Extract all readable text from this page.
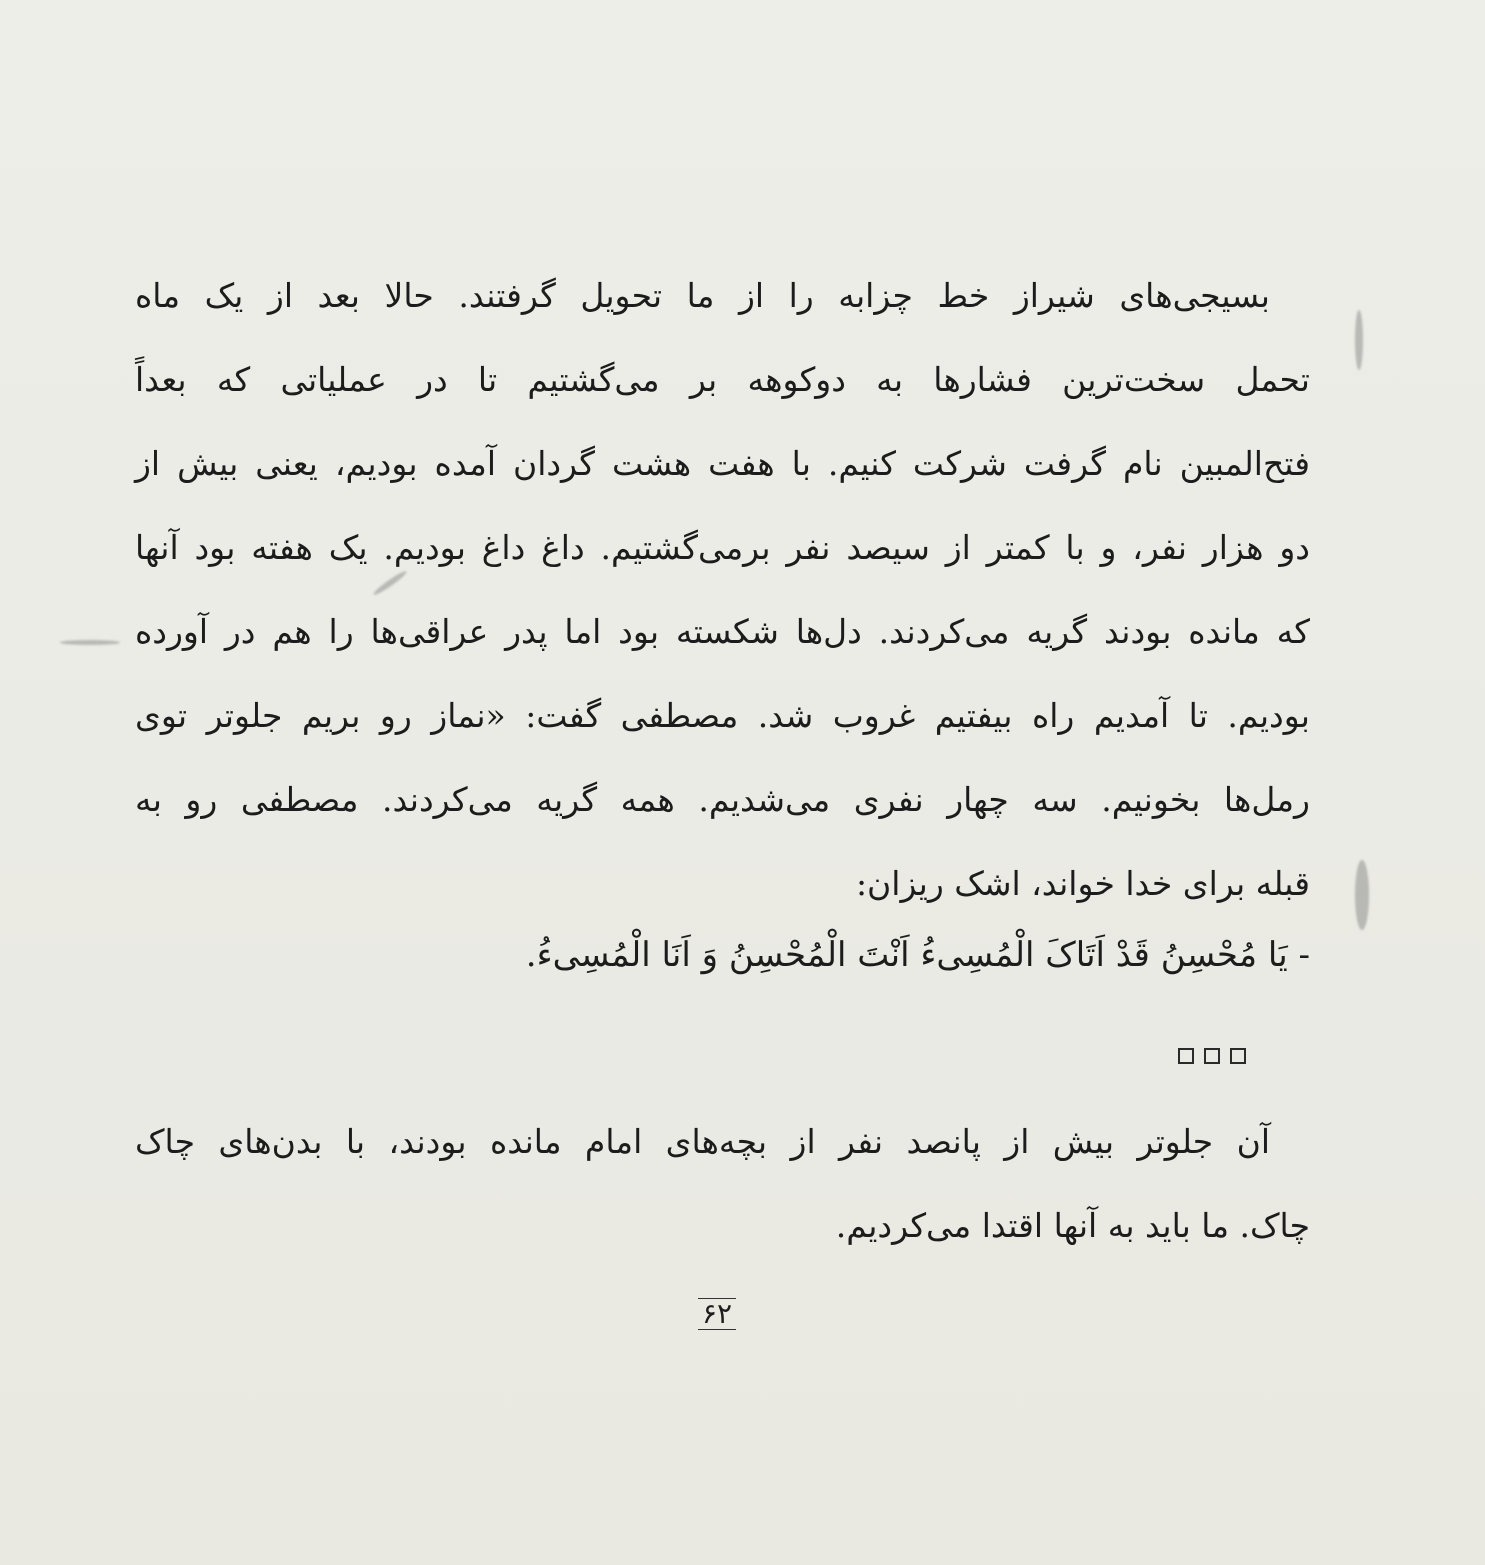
بسیجی‌های شیراز خط چزابه را از ما تحویل گرفتند. حالا بعد از یک ماه
تحمل سخت‌ترین فشارها به دوکوهه بر می‌گشتیم تا در عملیاتی که بعداً
فتح‌المبین نام گرفت شرکت کنیم. با هفت هشت گردان آمده بودیم، یعنی بیش از
دو هزار نفر، و با کمتر از سیصد نفر برمی‌گشتیم. داغ داغ بودیم. یک هفته بود آنها
که مانده بودند گریه می‌کردند. دل‌ها شکسته بود اما پدر عراقی‌ها را هم در آورده
بودیم. تا آمدیم راه بیفتیم غروب شد. مصطفی گفت: «نماز رو بریم جلوتر توی
رمل‌ها بخونیم. سه چهار نفری می‌شدیم. همه گریه می‌کردند. مصطفی رو به
قبله برای خدا خواند، اشک ریزان:
- یَا مُحْسِنُ قَدْ اَتَاکَ الْمُسِیءُ اَنْتَ الْمُحْسِنُ وَ اَنَا الْمُسِیءُ.
آن جلوتر بیش از پانصد نفر از بچه‌های امام مانده بودند، با بدن‌های چاک
چاک. ما باید به آنها اقتدا می‌کردیم.
۶۲
